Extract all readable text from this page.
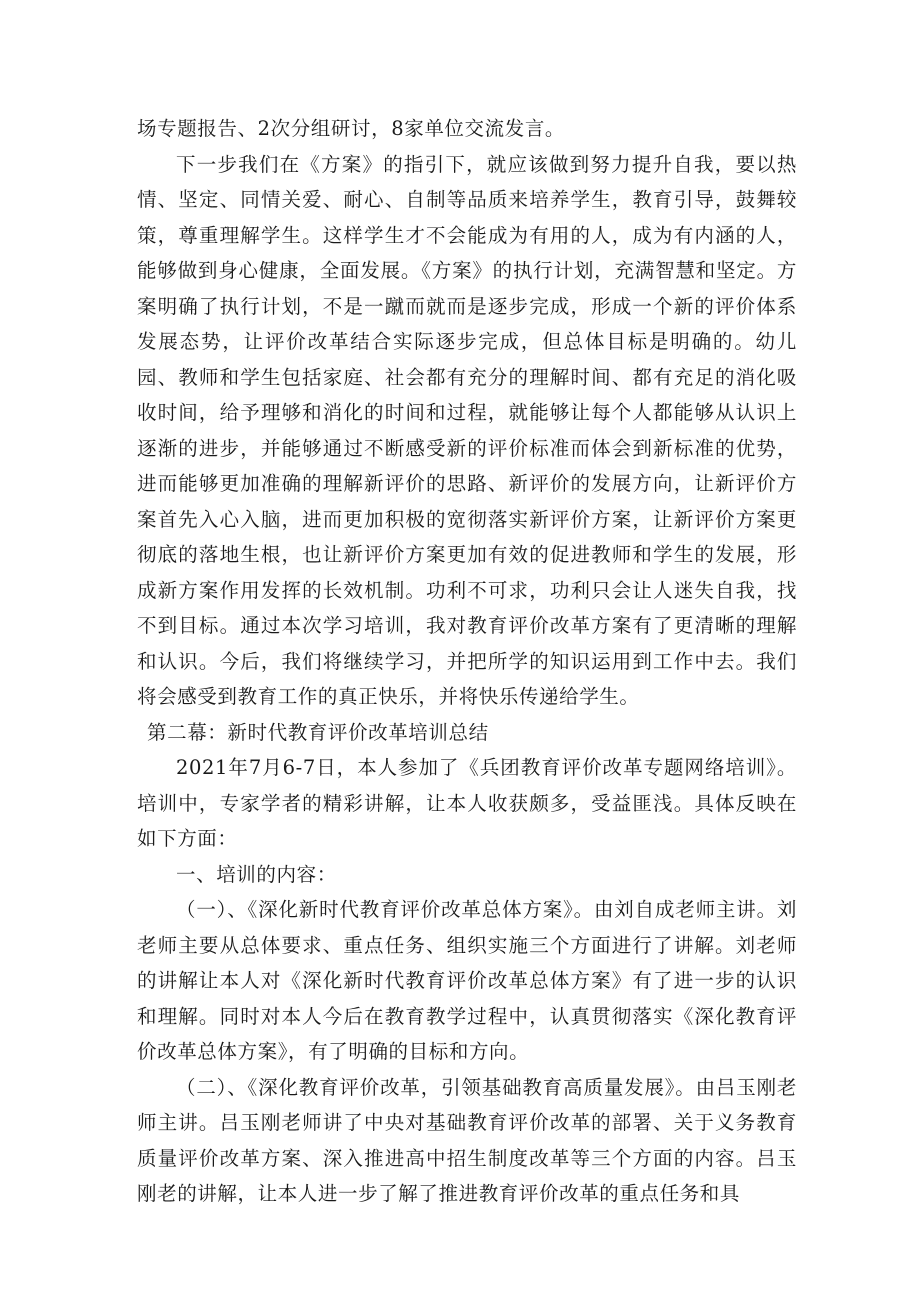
场专题报告、2次分组研讨，8家单位交流发言。

下一步我们在《方案》的指引下，就应该做到努力提升自我，要以热情、坚定、同情关爱、耐心、自制等品质来培养学生，教育引导，鼓舞较策，尊重理解学生。这样学生才不会能成为有用的人，成为有内涵的人，能够做到身心健康，全面发展。《方案》的执行计划，充满智慧和坚定。方案明确了执行计划，不是一蹴而就而是逐步完成，形成一个新的评价体系发展态势，让评价改革结合实际逐步完成，但总体目标是明确的。幼儿园、教师和学生包括家庭、社会都有充分的理解时间、都有充足的消化吸收时间，给予理够和消化的时间和过程，就能够让每个人都能够从认识上逐渐的进步，并能够通过不断感受新的评价标准而体会到新标准的优势，进而能够更加准确的理解新评价的思路、新评价的发展方向，让新评价方案首先入心入脑，进而更加积极的宽彻落实新评价方案，让新评价方案更彻底的落地生根，也让新评价方案更加有效的促进教师和学生的发展，形成新方案作用发挥的长效机制。功利不可求，功利只会让人迷失自我，找不到目标。通过本次学习培训，我对教育评价改革方案有了更清晰的理解和认识。今后，我们将继续学习，并把所学的知识运用到工作中去。我们将会感受到教育工作的真正快乐，并将快乐传递给学生。

第二幕：新时代教育评价改革培训总结

2021年7月6-7日，本人参加了《兵团教育评价改革专题网络培训》。培训中，专家学者的精彩讲解，让本人收获颇多，受益匪浅。具体反映在如下方面：

一、培训的内容：

（一）、《深化新时代教育评价改革总体方案》。由刘自成老师主讲。刘老师主要从总体要求、重点任务、组织实施三个方面进行了讲解。刘老师的讲解让本人对《深化新时代教育评价改革总体方案》有了进一步的认识和理解。同时对本人今后在教育教学过程中，认真贯彻落实《深化教育评价改革总体方案》，有了明确的目标和方向。

（二）、《深化教育评价改革，引领基础教育高质量发展》。由吕玉刚老师主讲。吕玉刚老师讲了中央对基础教育评价改革的部署、关于义务教育质量评价改革方案、深入推进高中招生制度改革等三个方面的内容。吕玉刚老的讲解，让本人进一步了解了推进教育评价改革的重点任务和具
